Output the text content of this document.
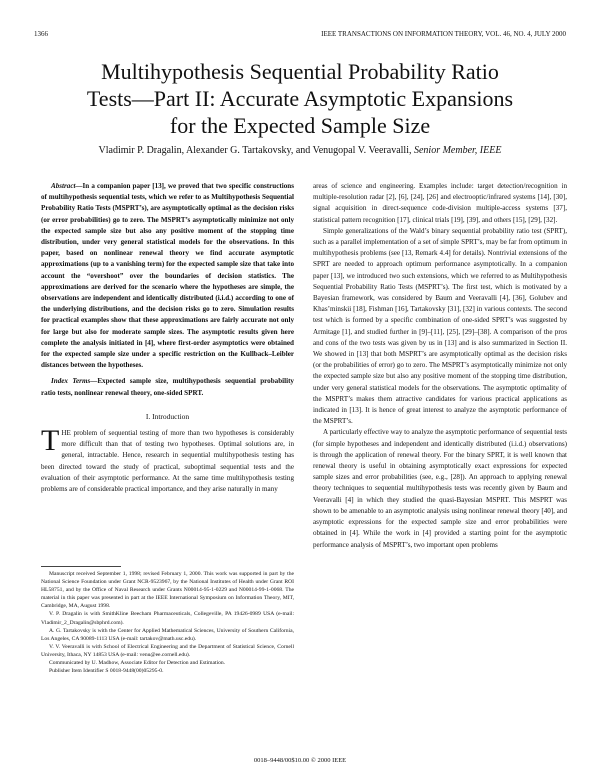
1366	IEEE TRANSACTIONS ON INFORMATION THEORY, VOL. 46, NO. 4, JULY 2000
Multihypothesis Sequential Probability Ratio
Tests—Part II: Accurate Asymptotic Expansions
for the Expected Sample Size
Vladimir P. Dragalin, Alexander G. Tartakovsky, and Venugopal V. Veeravalli, Senior Member, IEEE

Abstract—In a companion paper [13], we proved that two specific constructions of multihypothesis sequential tests, which we refer to as Multihypothesis Sequential Probability Ratio Tests (MSPRT’s), are asymptotically optimal as the decision risks (or error probabilities) go to zero. The MSPRT’s asymptotically minimize not only the expected sample size but also any positive moment of the stopping time distribution, under very general statistical models for the observations. In this paper, based on nonlinear renewal theory we find accurate asymptotic approximations (up to a vanishing term) for the expected sample size that take into account the “overshoot” over the boundaries of decision statistics. The approximations are derived for the scenario where the hypotheses are simple, the observations are independent and identically distributed (i.i.d.) according to one of the underlying distributions, and the decision risks go to zero. Simulation results for practical examples show that these approximations are fairly accurate not only for large but also for moderate sample sizes. The asymptotic results given here complete the analysis initiated in [4], where first-order asymptotics were obtained for the expected sample size under a specific restriction on the Kullback–Leibler distances between the hypotheses.

Index Terms—Expected sample size, multihypothesis sequential probability ratio tests, nonlinear renewal theory, one-sided SPRT.

I. Introduction

THE problem of sequential testing of more than two hypotheses is considerably more difficult than that of testing two hypotheses. Optimal solutions are, in general, intractable. Hence, research in sequential multihypothesis testing has been directed toward the study of practical, suboptimal sequential tests and the evaluation of their asymptotic performance. At the same time multihypothesis testing problems are of considerable practical importance, and they arise naturally in many

Manuscript received September 1, 1998; revised February 1, 2000. This work was supported in part by the National Science Foundation under Grant NCR-9523967, by the National Institutes of Health under Grant ROI HL58751, and by the Office of Naval Research under Grants N00014-95-1-0229 and N00014-99-1-0068. The material in this paper was presented in part at the IEEE International Symposium on Information Theory, MIT, Cambridge, MA, August 1998.

V. P. Dragalin is with SmithKline Beecham Pharmaceuticals, Collegeville, PA 19426-0989 USA (e-mail: Vladimir_2_Dragalin@sbphrd.com).

A. G. Tartakovsky is with the Center for Applied Mathematical Sciences, University of Southern California, Los Angeles, CA 90089-1113 USA (e-mail: tartakov@math.usc.edu).

V. V. Veeravalli is with School of Electrical Engineering and the Department of Statistical Science, Cornell University, Ithaca, NY 14853 USA (e-mail: venu@ee.cornell.edu).

Communicated by U. Madhow, Associate Editor for Detection and Estimation.

Publisher Item Identifier S 0018-9448(00)05295-0.

areas of science and engineering. Examples include: target detection/recognition in multiple-resolution radar [2], [6], [24], [26] and electrooptic/infrared systems [14], [30], signal acquisition in direct-sequence code-division multiple-access systems [37], statistical pattern recognition [17], clinical trials [19], [39], and others [15], [29], [32].

Simple generalizations of the Wald’s binary sequential probability ratio test (SPRT), such as a parallel implementation of a set of simple SPRT’s, may be far from optimum in multihypothesis problems (see [13, Remark 4.4] for details). Nontrivial extensions of the SPRT are needed to approach optimum performance asymptotically. In a companion paper [13], we introduced two such extensions, which we referred to as Multihypothesis Sequential Probability Ratio Tests (MSPRT’s). The first test, which is motivated by a Bayesian framework, was considered by Baum and Veeravalli [4], [36], Golubev and Khas’minskii [18], Fishman [16], Tartakovsky [31], [32] in various contexts. The second test which is formed by a specific combination of one-sided SPRT’s was suggested by Armitage [1], and studied further in [9]–[11], [25], [29]–[38]. A comparison of the pros and cons of the two tests was given by us in [13] and is also summarized in Section II. We showed in [13] that both MSPRT’s are asymptotically optimal as the decision risks (or the probabilities of error) go to zero. The MSPRT’s asymptotically minimize not only the expected sample size but also any positive moment of the stopping time distribution, under very general statistical models for the observations. The asymptotic optimality of the MSPRT’s makes them attractive candidates for various practical applications as indicated in [13]. It is hence of great interest to analyze the asymptotic performance of the MSPRT’s.

A particularly effective way to analyze the asymptotic performance of sequential tests (for simple hypotheses and independent and identically distributed (i.i.d.) observations) is through the application of renewal theory. For the binary SPRT, it is well known that renewal theory is useful in obtaining asymptotically exact expressions for expected sample sizes and error probabilities (see, e.g., [28]). An approach to applying renewal theory techniques to sequential multihypothesis tests was recently given by Baum and Veeravalli [4] in which they studied the quasi-Bayesian MSPRT. This MSPRT was shown to be amenable to an asymptotic analysis using nonlinear renewal theory [40], and asymptotic expressions for the expected sample size and error probabilities were obtained in [4]. While the work in [4] provided a starting point for the asymptotic performance analysis of MSPRT’s, two important open problems

0018–9448/00$10.00 © 2000 IEEE
